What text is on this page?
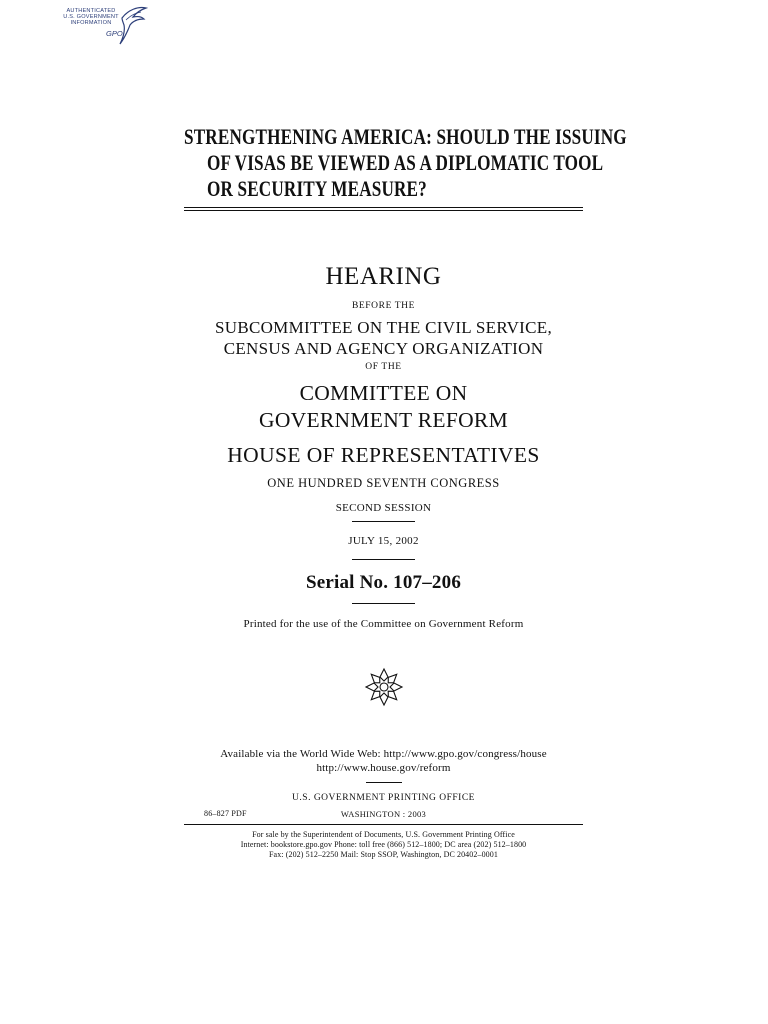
AUTHENTICATED
U.S. GOVERNMENT
INFORMATION
GPO
STRENGTHENING AMERICA: SHOULD THE ISSUING
OF VISAS BE VIEWED AS A DIPLOMATIC TOOL
OR SECURITY MEASURE?
HEARING
BEFORE THE
SUBCOMMITTEE ON THE CIVIL SERVICE,
CENSUS AND AGENCY ORGANIZATION
OF THE
COMMITTEE ON
GOVERNMENT REFORM
HOUSE OF REPRESENTATIVES
ONE HUNDRED SEVENTH CONGRESS
SECOND SESSION
JULY 15, 2002
Serial No. 107–206
Printed for the use of the Committee on Government Reform
Available via the World Wide Web: http://www.gpo.gov/congress/house
http://www.house.gov/reform
U.S. GOVERNMENT PRINTING OFFICE
86–827 PDF	WASHINGTON : 2003
For sale by the Superintendent of Documents, U.S. Government Printing Office
Internet: bookstore.gpo.gov Phone: toll free (866) 512–1800; DC area (202) 512–1800
Fax: (202) 512–2250 Mail: Stop SSOP, Washington, DC 20402–0001
